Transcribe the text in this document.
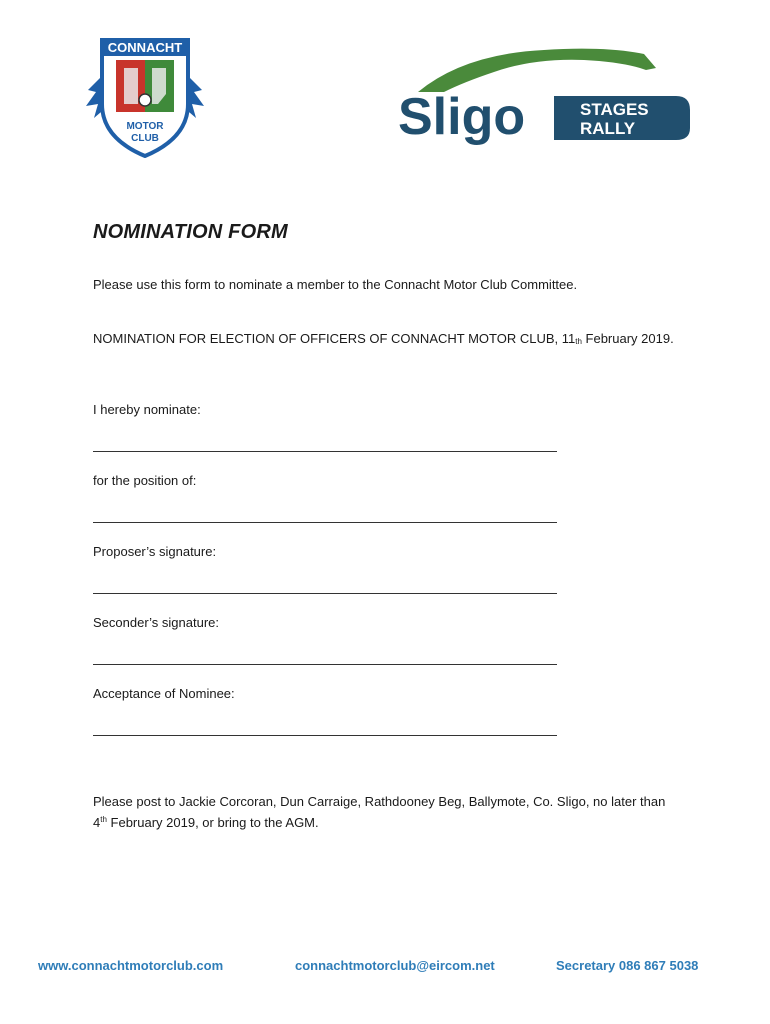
CONNACHT
MOTOR
CLUB	Sligo	STAGES
RALLY
NOMINATION FORM
Please use this form to nominate a member to the Connacht Motor Club Committee.
NOMINATION FOR ELECTION OF OFFICERS OF CONNACHT MOTOR CLUB, $11_{th}$ February 2019.
I hereby nominate:
for the position of:
Proposer’s signature:
Seconder’s signature:
Acceptance of Nominee:
Please post to Jackie Corcoran, Dun Carraige, Rathdooney Beg, Ballymote, Co. Sligo, no later than
4th February 2019, or bring to the AGM.
www.connachtmotorclub.com	connachtmotorclub@eircom.net	Secretary 086 867 5038
